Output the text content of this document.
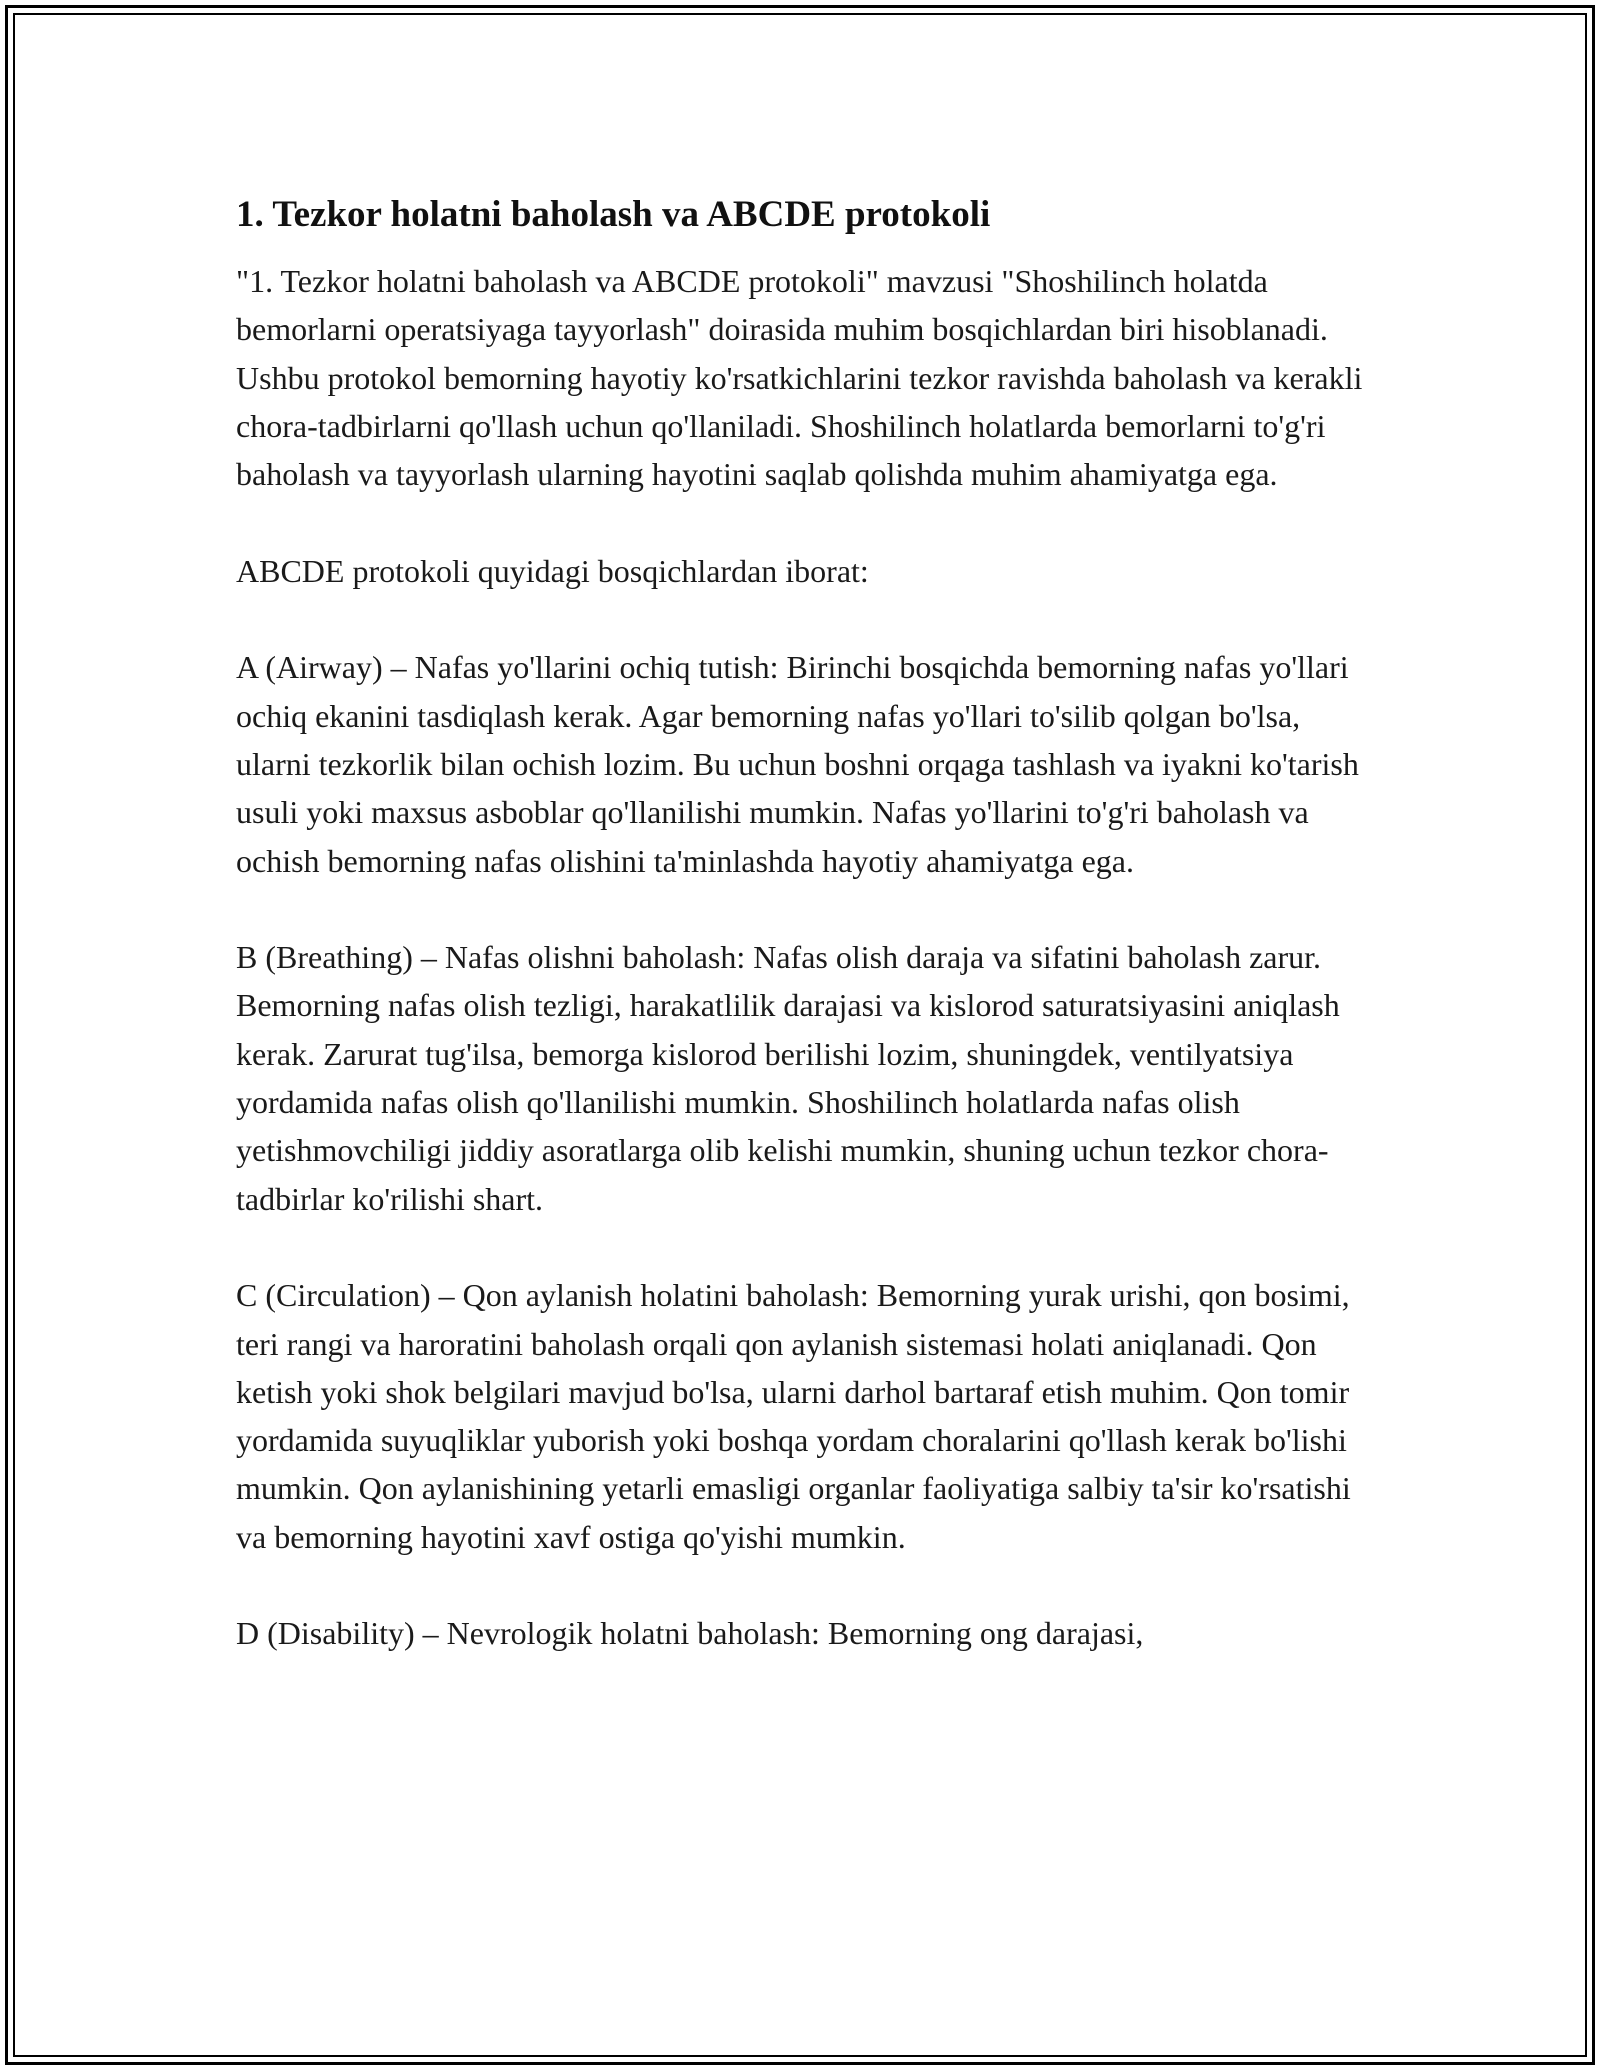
1. Tezkor holatni baholash va ABCDE protokoli

"1. Tezkor holatni baholash va ABCDE protokoli" mavzusi "Shoshilinch holatda bemorlarni operatsiyaga tayyorlash" doirasida muhim bosqichlardan biri hisoblanadi. Ushbu protokol bemorning hayotiy ko'rsatkichlarini tezkor ravishda baholash va kerakli chora-tadbirlarni qo'llash uchun qo'llaniladi. Shoshilinch holatlarda bemorlarni to'g'ri baholash va tayyorlash ularning hayotini saqlab qolishda muhim ahamiyatga ega.

ABCDE protokoli quyidagi bosqichlardan iborat:

A (Airway) – Nafas yo'llarini ochiq tutish: Birinchi bosqichda bemorning nafas yo'llari ochiq ekanini tasdiqlash kerak. Agar bemorning nafas yo'llari to'silib qolgan bo'lsa, ularni tezkorlik bilan ochish lozim. Bu uchun boshni orqaga tashlash va iyakni ko'tarish usuli yoki maxsus asboblar qo'llanilishi mumkin. Nafas yo'llarini to'g'ri baholash va ochish bemorning nafas olishini ta'minlashda hayotiy ahamiyatga ega.

B (Breathing) – Nafas olishni baholash: Nafas olish daraja va sifatini baholash zarur. Bemorning nafas olish tezligi, harakatlilik darajasi va kislorod saturatsiyasini aniqlash kerak. Zarurat tug'ilsa, bemorga kislorod berilishi lozim, shuningdek, ventilyatsiya yordamida nafas olish qo'llanilishi mumkin. Shoshilinch holatlarda nafas olish yetishmovchiligi jiddiy asoratlarga olib kelishi mumkin, shuning uchun tezkor chora-tadbirlar ko'rilishi shart.

C (Circulation) – Qon aylanish holatini baholash: Bemorning yurak urishi, qon bosimi, teri rangi va haroratini baholash orqali qon aylanish sistemasi holati aniqlanadi. Qon ketish yoki shok belgilari mavjud bo'lsa, ularni darhol bartaraf etish muhim. Qon tomir yordamida suyuqliklar yuborish yoki boshqa yordam choralarini qo'llash kerak bo'lishi mumkin. Qon aylanishining yetarli emasligi organlar faoliyatiga salbiy ta'sir ko'rsatishi va bemorning hayotini xavf ostiga qo'yishi mumkin.

D (Disability) – Nevrologik holatni baholash: Bemorning ong darajasi,
